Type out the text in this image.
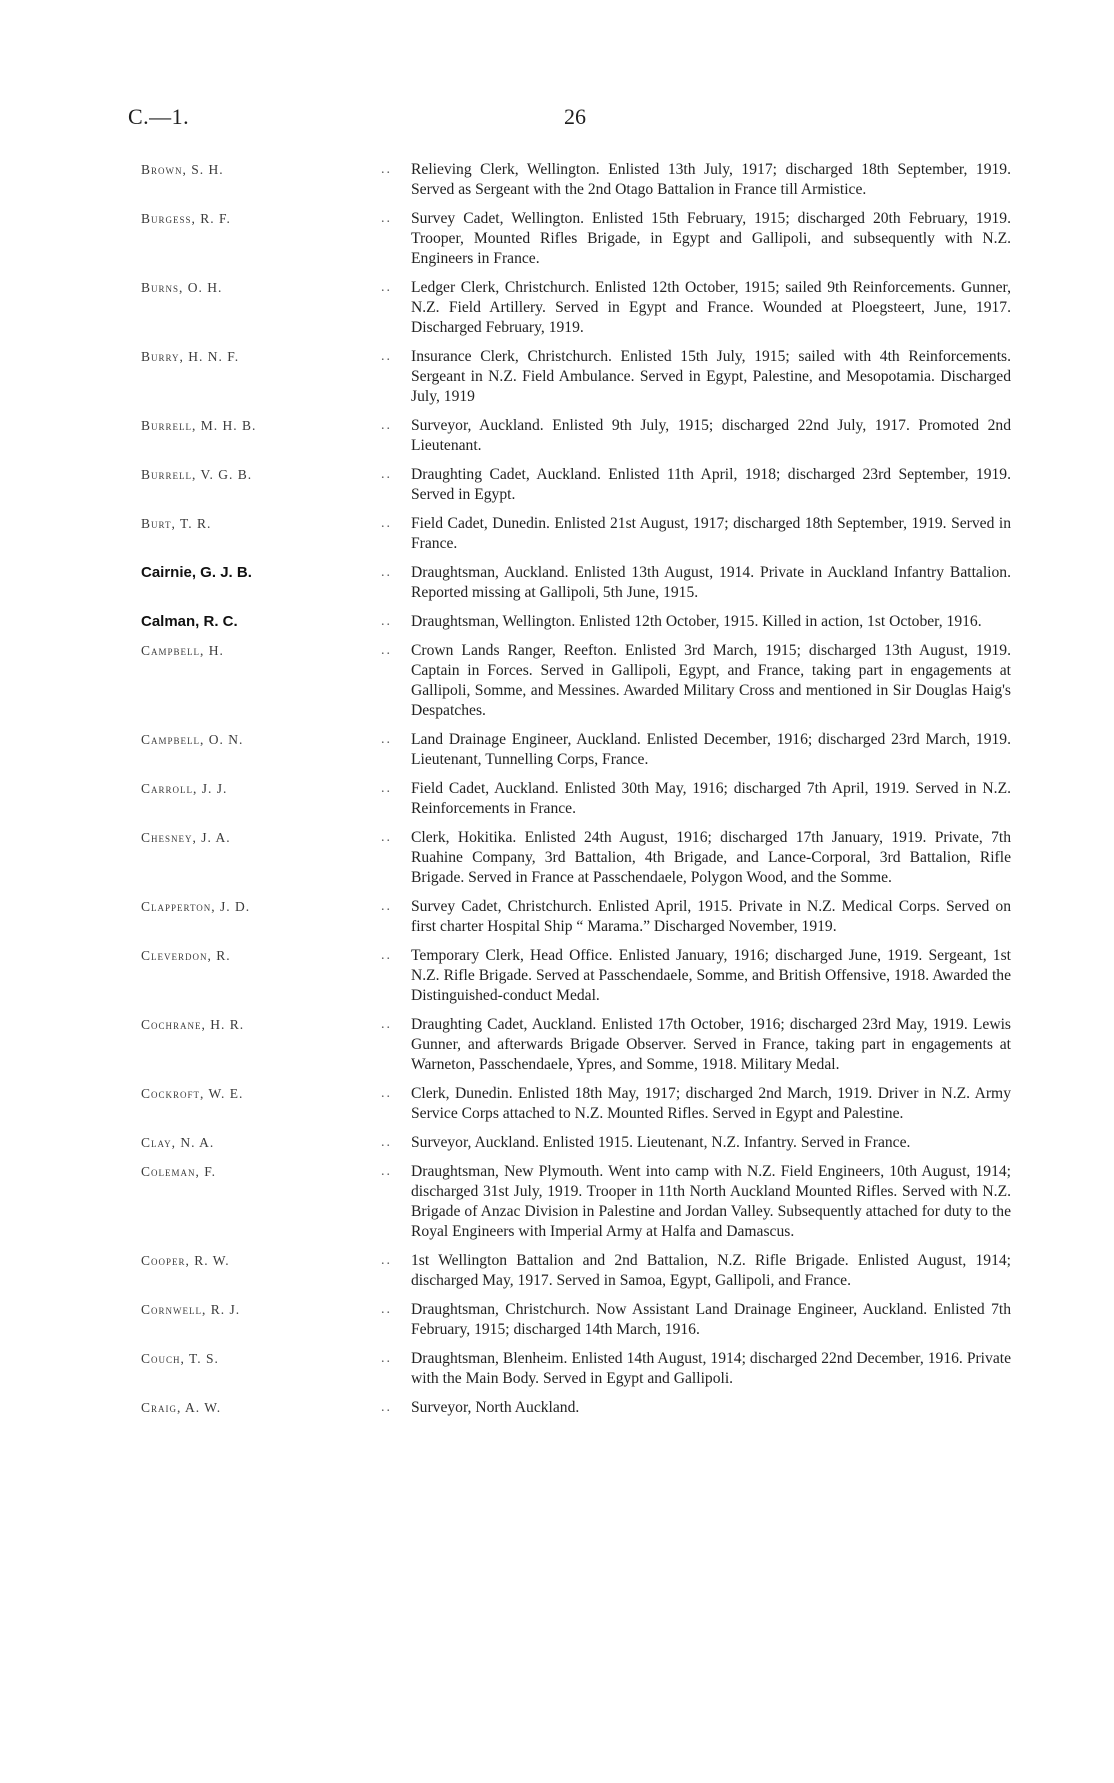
C.—1.	26
Brown, S. H.	..	Relieving Clerk, Wellington. Enlisted 13th July, 1917; discharged 18th September, 1919. Served as Sergeant with the 2nd Otago Battalion in France till Armistice.
Burgess, R. F.	..	Survey Cadet, Wellington. Enlisted 15th February, 1915; discharged 20th February, 1919. Trooper, Mounted Rifles Brigade, in Egypt and Gallipoli, and subsequently with N.Z. Engineers in France.
Burns, O. H.	..	Ledger Clerk, Christchurch. Enlisted 12th October, 1915; sailed 9th Reinforcements. Gunner, N.Z. Field Artillery. Served in Egypt and France. Wounded at Ploegsteert, June, 1917. Discharged February, 1919.
Burry, H. N. F.	..	Insurance Clerk, Christchurch. Enlisted 15th July, 1915; sailed with 4th Reinforcements. Sergeant in N.Z. Field Ambulance. Served in Egypt, Palestine, and Mesopotamia. Discharged July, 1919
Burrell, M. H. B.	..	Surveyor, Auckland. Enlisted 9th July, 1915; discharged 22nd July, 1917. Promoted 2nd Lieutenant.
Burrell, V. G. B.	..	Draughting Cadet, Auckland. Enlisted 11th April, 1918; discharged 23rd September, 1919. Served in Egypt.
Burt, T. R.	..	Field Cadet, Dunedin. Enlisted 21st August, 1917; discharged 18th September, 1919. Served in France.
Cairnie, G. J. B.	..	Draughtsman, Auckland. Enlisted 13th August, 1914. Private in Auckland Infantry Battalion. Reported missing at Gallipoli, 5th June, 1915.
Calman, R. C.	..	Draughtsman, Wellington. Enlisted 12th October, 1915. Killed in action, 1st October, 1916.
Campbell, H.	..	Crown Lands Ranger, Reefton. Enlisted 3rd March, 1915; discharged 13th August, 1919. Captain in Forces. Served in Gallipoli, Egypt, and France, taking part in engagements at Gallipoli, Somme, and Messines. Awarded Military Cross and mentioned in Sir Douglas Haig's Despatches.
Campbell, O. N.	..	Land Drainage Engineer, Auckland. Enlisted December, 1916; discharged 23rd March, 1919. Lieutenant, Tunnelling Corps, France.
Carroll, J. J.	..	Field Cadet, Auckland. Enlisted 30th May, 1916; discharged 7th April, 1919. Served in N.Z. Reinforcements in France.
Chesney, J. A.	..	Clerk, Hokitika. Enlisted 24th August, 1916; discharged 17th January, 1919. Private, 7th Ruahine Company, 3rd Battalion, 4th Brigade, and Lance-Corporal, 3rd Battalion, Rifle Brigade. Served in France at Passchendaele, Polygon Wood, and the Somme.
Clapperton, J. D.	..	Survey Cadet, Christchurch. Enlisted April, 1915. Private in N.Z. Medical Corps. Served on first charter Hospital Ship “ Marama.” Discharged November, 1919.
Cleverdon, R.	..	Temporary Clerk, Head Office. Enlisted January, 1916; discharged June, 1919. Sergeant, 1st N.Z. Rifle Brigade. Served at Passchendaele, Somme, and British Offensive, 1918. Awarded the Distinguished-conduct Medal.
Cochrane, H. R.	..	Draughting Cadet, Auckland. Enlisted 17th October, 1916; discharged 23rd May, 1919. Lewis Gunner, and afterwards Brigade Observer. Served in France, taking part in engagements at Warneton, Passchendaele, Ypres, and Somme, 1918. Military Medal.
Cockroft, W. E.	..	Clerk, Dunedin. Enlisted 18th May, 1917; discharged 2nd March, 1919. Driver in N.Z. Army Service Corps attached to N.Z. Mounted Rifles. Served in Egypt and Palestine.
Clay, N. A.	..	Surveyor, Auckland. Enlisted 1915. Lieutenant, N.Z. Infantry. Served in France.
Coleman, F.	..	Draughtsman, New Plymouth. Went into camp with N.Z. Field Engineers, 10th August, 1914; discharged 31st July, 1919. Trooper in 11th North Auckland Mounted Rifles. Served with N.Z. Brigade of Anzac Division in Palestine and Jordan Valley. Subsequently attached for duty to the Royal Engineers with Imperial Army at Halfa and Damascus.
Cooper, R. W.	..	1st Wellington Battalion and 2nd Battalion, N.Z. Rifle Brigade. Enlisted August, 1914; discharged May, 1917. Served in Samoa, Egypt, Gallipoli, and France.
Cornwell, R. J.	..	Draughtsman, Christchurch. Now Assistant Land Drainage Engineer, Auckland. Enlisted 7th February, 1915; discharged 14th March, 1916.
Couch, T. S.	..	Draughtsman, Blenheim. Enlisted 14th August, 1914; discharged 22nd December, 1916. Private with the Main Body. Served in Egypt and Gallipoli.
Craig, A. W.	..	Surveyor, North Auckland.
